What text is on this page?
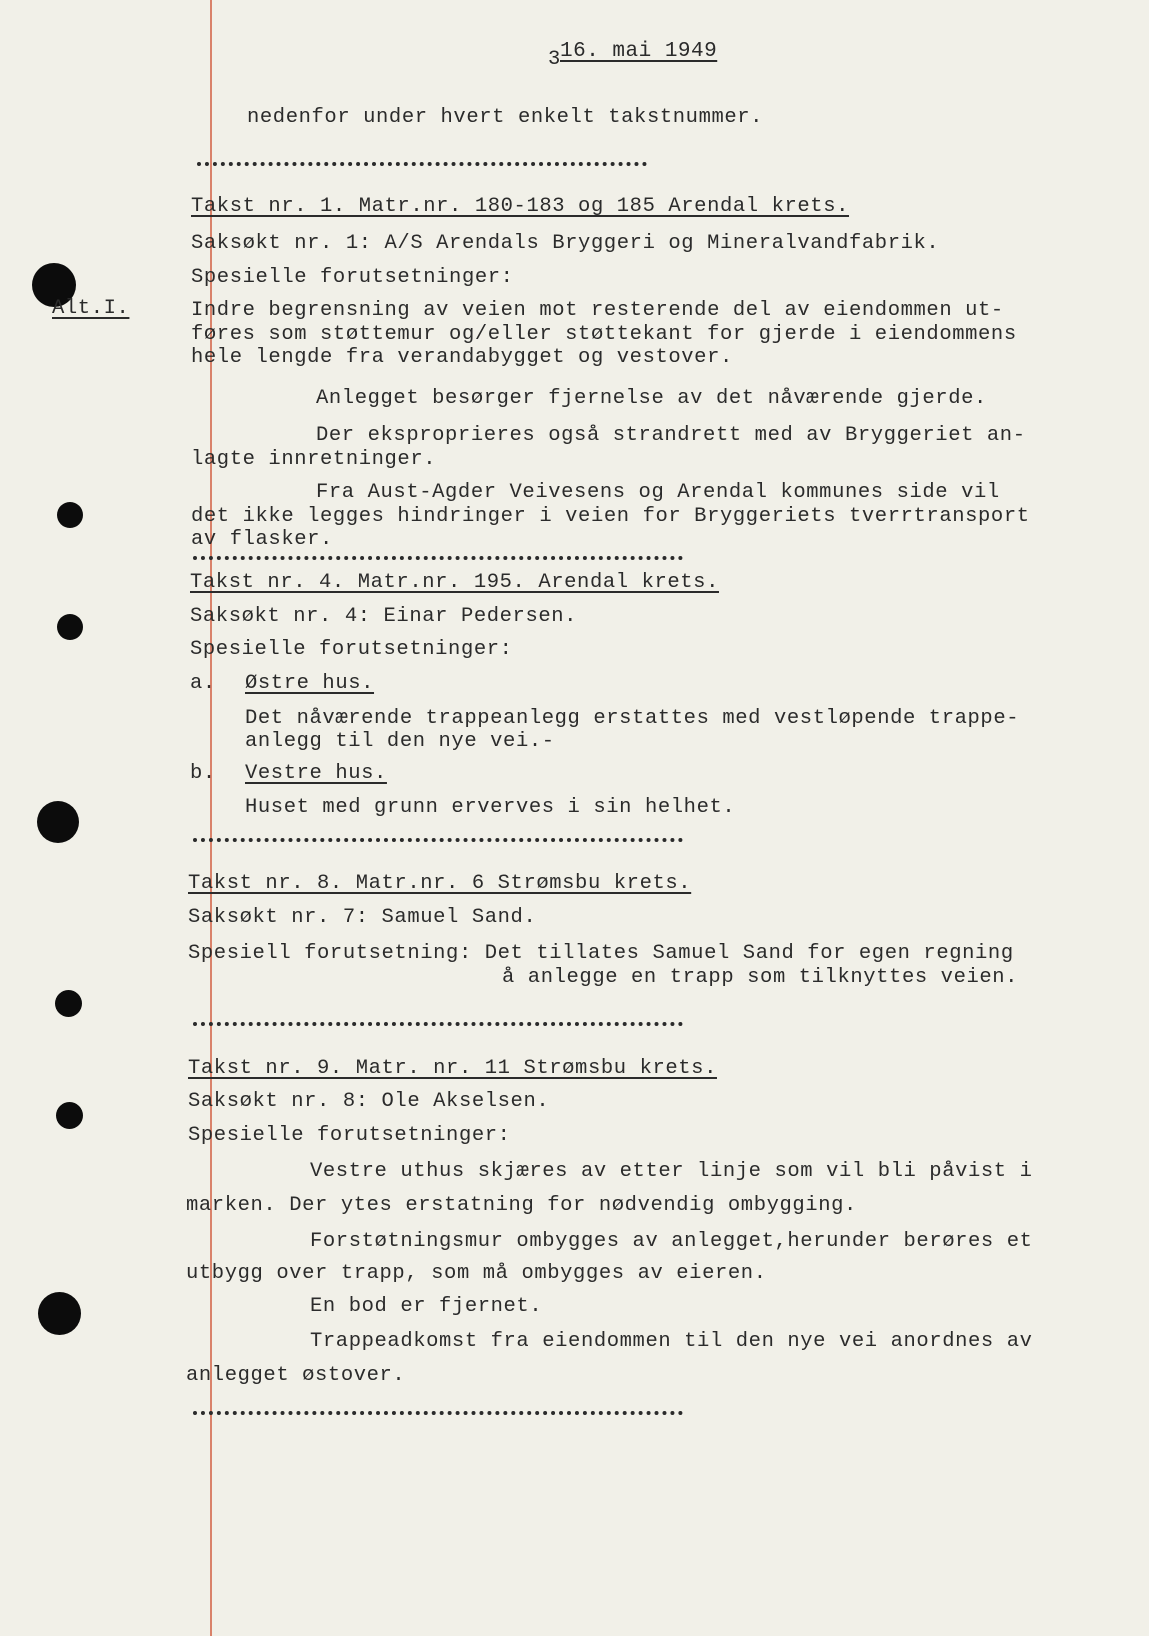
3 16. mai 1949
Alt.I.
nedenfor under hvert enkelt takstnummer.
Takst nr. 1. Matr.nr. 180-183 og 185 Arendal krets.
Saksøkt nr. 1: A/S Arendals Bryggeri og Mineralvandfabrik.
Spesielle forutsetninger:
Indre begrensning av veien mot resterende del av eiendommen ut-
føres som støttemur og/eller støttekant for gjerde i eiendommens
hele lengde fra verandabygget og vestover.
Anlegget besørger fjernelse av det nåværende gjerde.
Der eksproprieres også strandrett med av Bryggeriet an-
lagte innretninger.
Fra Aust-Agder Veivesens og Arendal kommunes side vil
det ikke legges hindringer i veien for Bryggeriets tverrtransport
av flasker.
Takst nr. 4. Matr.nr. 195. Arendal krets.
Saksøkt nr. 4: Einar Pedersen.
Spesielle forutsetninger:
a. Østre hus.
Det nåværende trappeanlegg erstattes med vestløpende trappe-
anlegg til den nye vei.-
b. Vestre hus.
Huset med grunn erverves i sin helhet.
Takst nr. 8. Matr.nr. 6 Strømsbu krets.
Saksøkt nr. 7: Samuel Sand.
Spesiell forutsetning: Det tillates Samuel Sand for egen regning
å anlegge en trapp som tilknyttes veien.
Takst nr. 9. Matr. nr. 11 Strømsbu krets.
Saksøkt nr. 8: Ole Akselsen.
Spesielle forutsetninger:
Vestre uthus skjæres av etter linje som vil bli påvist i
marken. Der ytes erstatning for nødvendig ombygging.
Forstøtningsmur ombygges av anlegget,herunder berøres et
utbygg over trapp, som må ombygges av eieren.
En bod er fjernet.
Trappeadkomst fra eiendommen til den nye vei anordnes av
anlegget østover.
